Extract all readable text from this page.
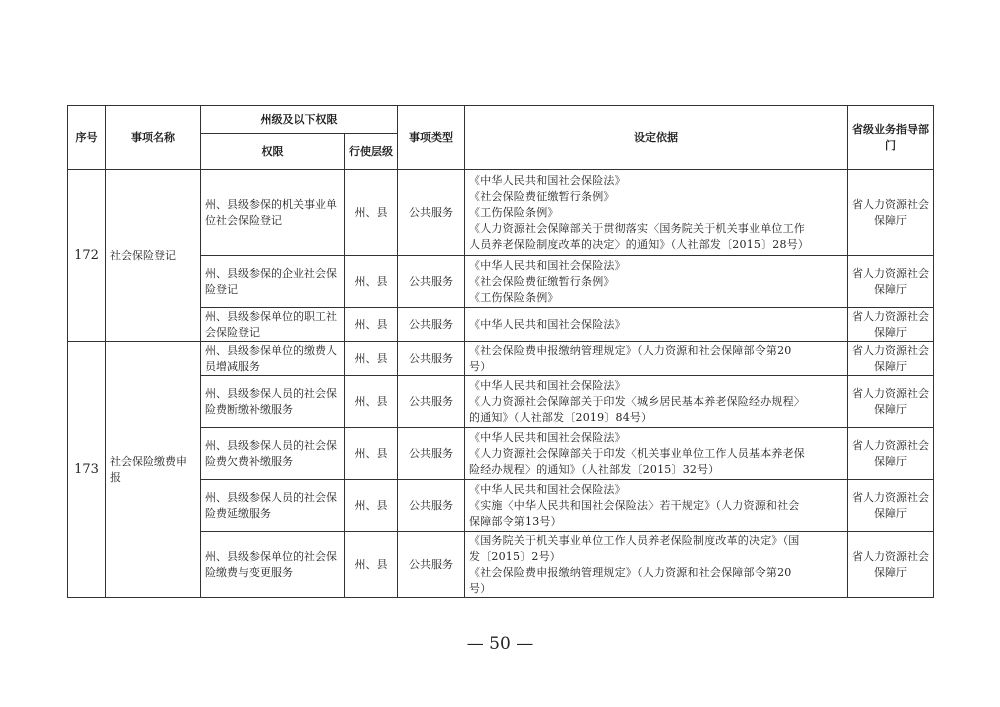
序号	事项名称	州级及以下权限		事项类型	设定依据	省级业务指导部门
		权限	行使层级			
172	社会保险登记	州、县级参保的机关事业单位社会保险登记	州、县	公共服务	《中华人民共和国社会保险法》
《社会保险费征缴暂行条例》
《工伤保险条例》
《人力资源社会保障部关于贯彻落实〈国务院关于机关事业单位工作
人员养老保险制度改革的决定〉的通知》（人社部发〔2015〕28号）	省人力资源社会保障厅
		州、县级参保的企业社会保险登记	州、县	公共服务	《中华人民共和国社会保险法》
《社会保险费征缴暂行条例》
《工伤保险条例》	省人力资源社会保障厅
		州、县级参保单位的职工社会保险登记	州、县	公共服务	《中华人民共和国社会保险法》	省人力资源社会保障厅
173	社会保险缴费申报	州、县级参保单位的缴费人员增减服务	州、县	公共服务	《社会保险费申报缴纳管理规定》（人力资源和社会保障部令第20
号）	省人力资源社会保障厅
		州、县级参保人员的社会保险费断缴补缴服务	州、县	公共服务	《中华人民共和国社会保险法》
《人力资源社会保障部关于印发〈城乡居民基本养老保险经办规程〉
的通知》（人社部发〔2019〕84号）	省人力资源社会保障厅
		州、县级参保人员的社会保险费欠费补缴服务	州、县	公共服务	《中华人民共和国社会保险法》
《人力资源社会保障部关于印发〈机关事业单位工作人员基本养老保
险经办规程〉的通知》（人社部发〔2015〕32号）	省人力资源社会保障厅
		州、县级参保人员的社会保险费延缴服务	州、县	公共服务	《中华人民共和国社会保险法》
《实施〈中华人民共和国社会保险法〉若干规定》（人力资源和社会
保障部令第13号）	省人力资源社会保障厅
		州、县级参保单位的社会保险缴费与变更服务	州、县	公共服务	《国务院关于机关事业单位工作人员养老保险制度改革的决定》（国
发〔2015〕2号）
《社会保险费申报缴纳管理规定》（人力资源和社会保障部令第20
号）	省人力资源社会保障厅
— 50 —
